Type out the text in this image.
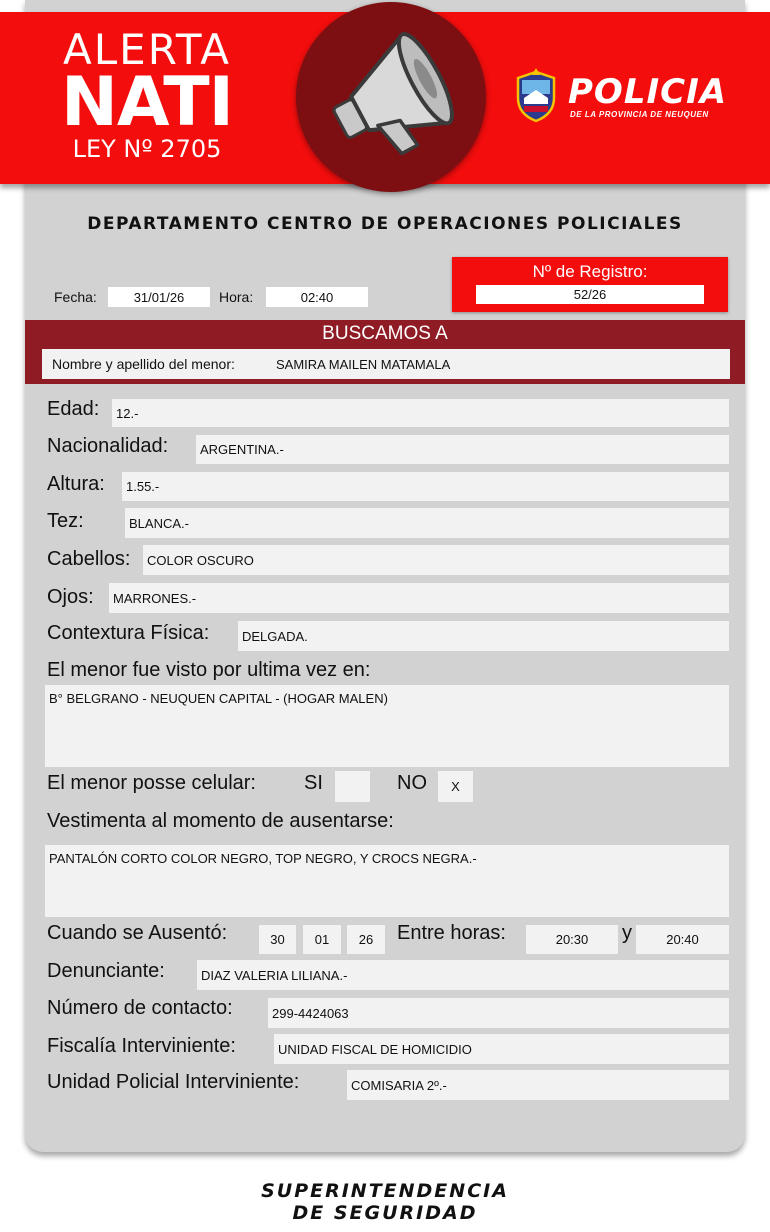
ALERTA
NATI
LEY Nº 2705
POLICIA
DE LA PROVINCIA DE NEUQUEN
DEPARTAMENTO CENTRO DE OPERACIONES POLICIALES
Fecha:	31/01/26	Hora:	02:40
Nº de Registro:
52/26
BUSCAMOS A
Nombre y apellido del menor:	SAMIRA MAILEN MATAMALA
Edad:	12.-
Nacionalidad:	ARGENTINA.-
Altura:	1.55.-
Tez:	BLANCA.-
Cabellos:	COLOR OSCURO
Ojos:	MARRONES.-
Contextura Física:	DELGADA.
El menor fue visto por ultima vez en:
B° BELGRANO - NEUQUEN CAPITAL - (HOGAR MALEN)
El menor posse celular: SI	NO	X
Vestimenta al momento de ausentarse:
PANTALÓN CORTO COLOR NEGRO, TOP NEGRO, Y CROCS NEGRA.-
Cuando se Ausentó:	30	01	26	Entre horas:	20:30	y	20:40
Denunciante:	DIAZ VALERIA LILIANA.-
Número de contacto:	299-4424063
Fiscalía Interviniente:	UNIDAD FISCAL DE HOMICIDIO
Unidad Policial Interviniente:	COMISARIA 2º.-
SUPERINTENDENCIA
DE SEGURIDAD
